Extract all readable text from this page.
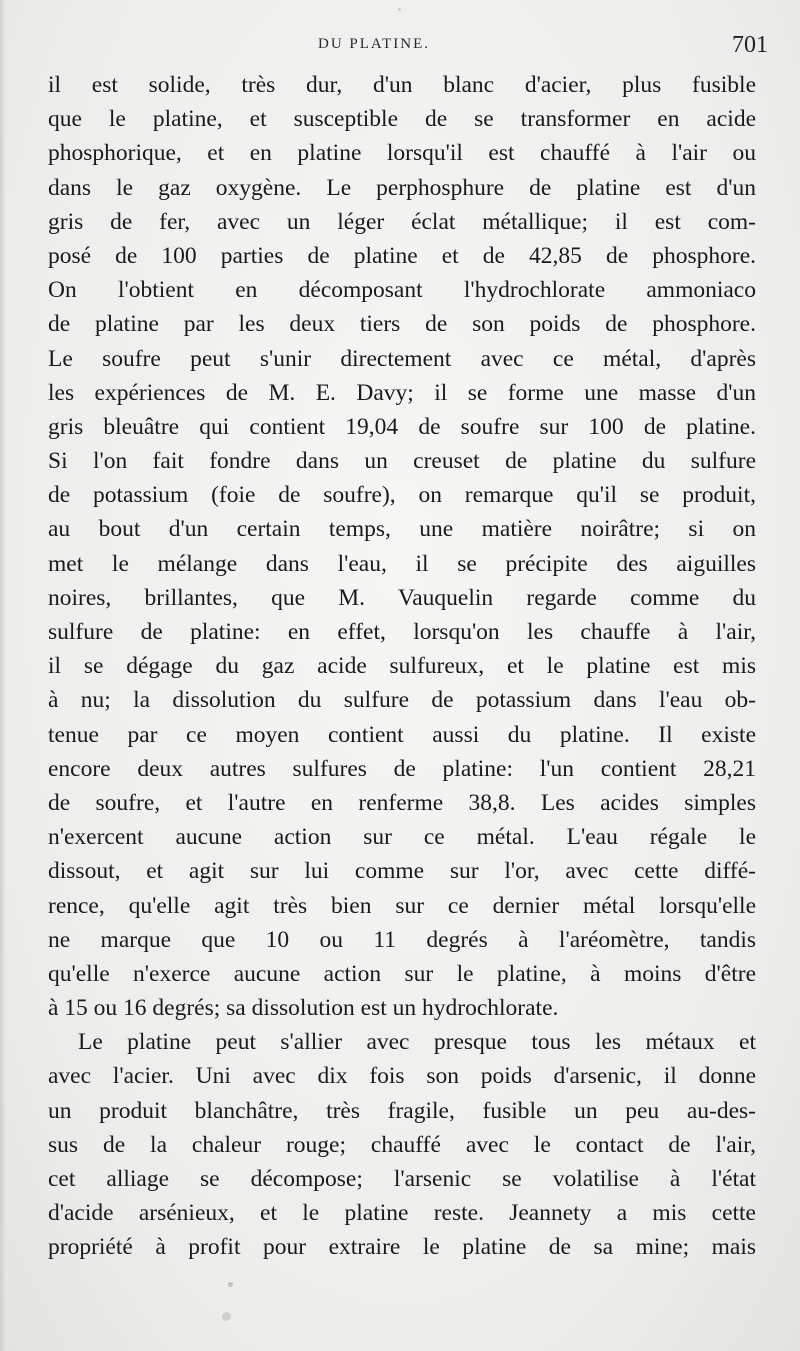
DU PLATINE.	701
il est solide, très dur, d'un blanc d'acier, plus fusible
que le platine, et susceptible de se transformer en acide
phosphorique, et en platine lorsqu'il est chauffé à l'air ou
dans le gaz oxygène. Le perphosphure de platine est d'un
gris de fer, avec un léger éclat métallique; il est com-
posé de 100 parties de platine et de 42,85 de phosphore.
On l'obtient en décomposant l'hydrochlorate ammoniaco
de platine par les deux tiers de son poids de phosphore.
Le soufre peut s'unir directement avec ce métal, d'après
les expériences de M. E. Davy; il se forme une masse d'un
gris bleuâtre qui contient 19,04 de soufre sur 100 de platine.
Si l'on fait fondre dans un creuset de platine du sulfure
de potassium (foie de soufre), on remarque qu'il se produit,
au bout d'un certain temps, une matière noirâtre; si on
met le mélange dans l'eau, il se précipite des aiguilles
noires, brillantes, que M. Vauquelin regarde comme du
sulfure de platine: en effet, lorsqu'on les chauffe à l'air,
il se dégage du gaz acide sulfureux, et le platine est mis
à nu; la dissolution du sulfure de potassium dans l'eau ob-
tenue par ce moyen contient aussi du platine. Il existe
encore deux autres sulfures de platine: l'un contient 28,21
de soufre, et l'autre en renferme 38,8. Les acides simples
n'exercent aucune action sur ce métal. L'eau régale le
dissout, et agit sur lui comme sur l'or, avec cette diffé-
rence, qu'elle agit très bien sur ce dernier métal lorsqu'elle
ne marque que 10 ou 11 degrés à l'aréomètre, tandis
qu'elle n'exerce aucune action sur le platine, à moins d'être
à 15 ou 16 degrés; sa dissolution est un hydrochlorate.
Le platine peut s'allier avec presque tous les métaux et
avec l'acier. Uni avec dix fois son poids d'arsenic, il donne
un produit blanchâtre, très fragile, fusible un peu au-des-
sus de la chaleur rouge; chauffé avec le contact de l'air,
cet alliage se décompose; l'arsenic se volatilise à l'état
d'acide arsénieux, et le platine reste. Jeannety a mis cette
propriété à profit pour extraire le platine de sa mine; mais
